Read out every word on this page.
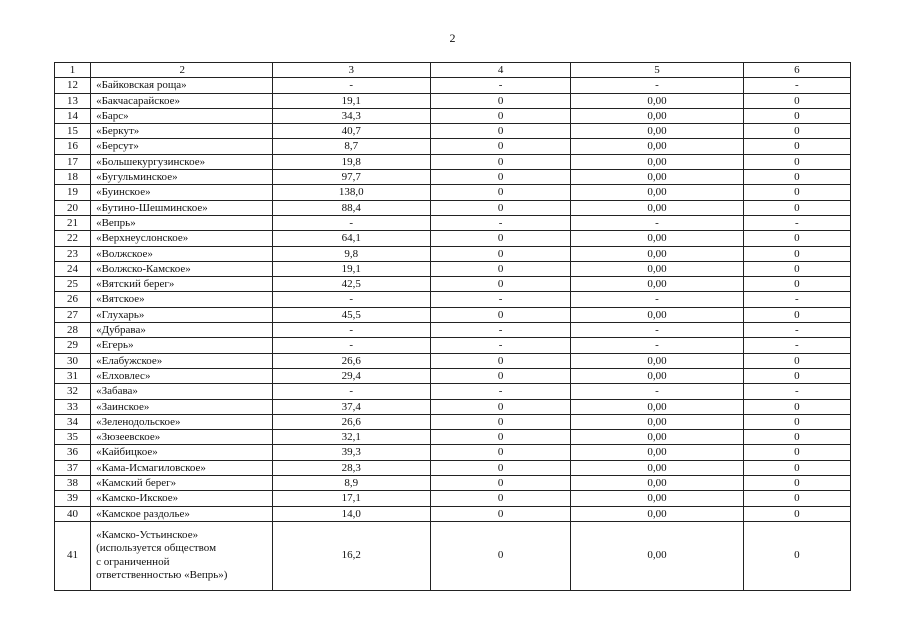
2
1	2	3	4	5	6
12	«Байковская роща»	-	-	-	-
13	«Бакчасарайское»	19,1	0	0,00	0
14	«Барс»	34,3	0	0,00	0
15	«Беркут»	40,7	0	0,00	0
16	«Берсут»	8,7	0	0,00	0
17	«Большекургузинское»	19,8	0	0,00	0
18	«Бугульминское»	97,7	0	0,00	0
19	«Буинское»	138,0	0	0,00	0
20	«Бутино-Шешминское»	88,4	0	0,00	0
21	«Вепрь»	-	-	-	-
22	«Верхнеуслонское»	64,1	0	0,00	0
23	«Волжское»	9,8	0	0,00	0
24	«Волжско-Камское»	19,1	0	0,00	0
25	«Вятский берег»	42,5	0	0,00	0
26	«Вятское»	-	-	-	-
27	«Глухарь»	45,5	0	0,00	0
28	«Дубрава»	-	-	-	-
29	«Егерь»	-	-	-	-
30	«Елабужское»	26,6	0	0,00	0
31	«Елховлес»	29,4	0	0,00	0
32	«Забава»	-	-	-	-
33	«Заинское»	37,4	0	0,00	0
34	«Зеленодольское»	26,6	0	0,00	0
35	«Зюзеевское»	32,1	0	0,00	0
36	«Кайбицкое»	39,3	0	0,00	0
37	«Кама-Исмагиловское»	28,3	0	0,00	0
38	«Камский берег»	8,9	0	0,00	0
39	«Камско-Икское»	17,1	0	0,00	0
40	«Камское раздолье»	14,0	0	0,00	0
41	«Камско-Устьинское»
(используется обществом
с ограниченной
ответственностью «Вепрь»)	16,2	0	0,00	0
